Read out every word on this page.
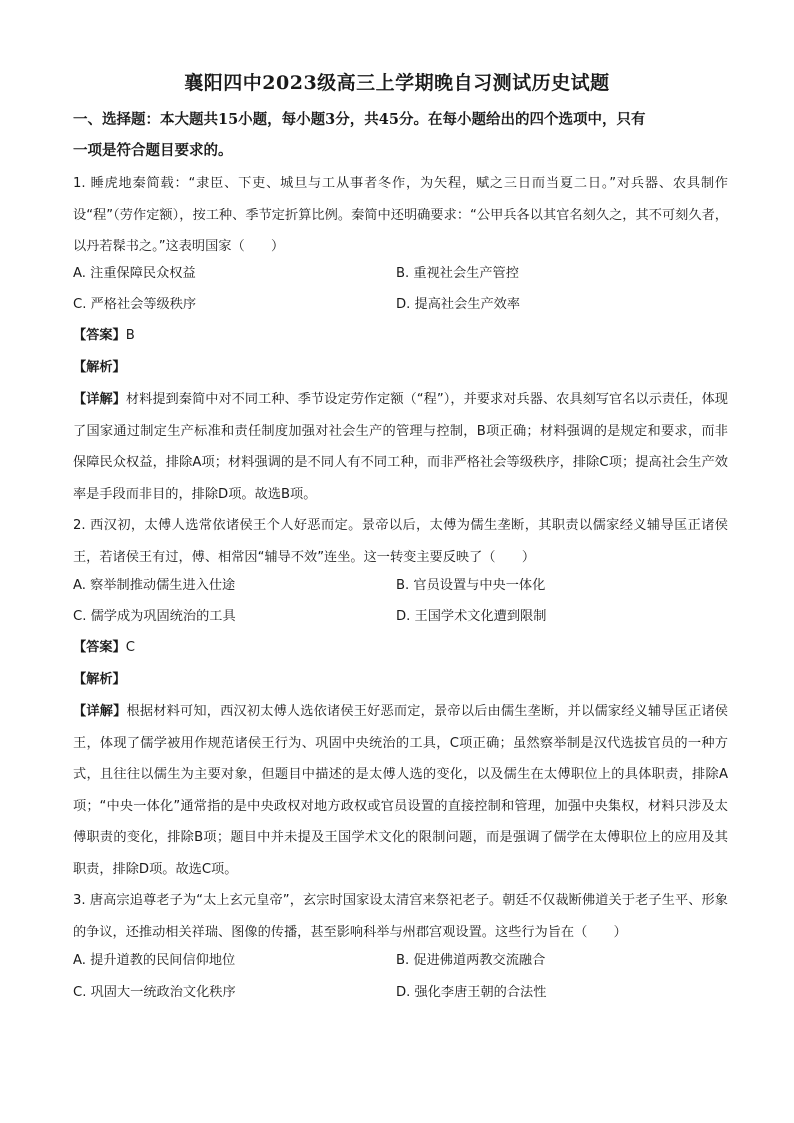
襄阳四中2023级高三上学期晚自习测试历史试题
一、选择题：本大题共15小题，每小题3分，共45分。在每小题给出的四个选项中，只有
一项是符合题目要求的。
1. 睡虎地秦简载：“隶臣、下吏、城旦与工从事者冬作，为矢程，赋之三日而当夏二日。”对兵器、农具制作设“程”（劳作定额），按工种、季节定折算比例。秦简中还明确要求：“公甲兵各以其官名刻久之，其不可刻久者，以丹若髹书之。”这表明国家（　　）
A. 注重保障民众权益	B. 重视社会生产管控
C. 严格社会等级秩序	D. 提高社会生产效率
【答案】B
【解析】
【详解】材料提到秦简中对不同工种、季节设定劳作定额（“程”），并要求对兵器、农具刻写官名以示责任，体现了国家通过制定生产标准和责任制度加强对社会生产的管理与控制，B项正确；材料强调的是规定和要求，而非保障民众权益，排除A项；材料强调的是不同人有不同工种，而非严格社会等级秩序，排除C项；提高社会生产效率是手段而非目的，排除D项。故选B项。
2. 西汉初，太傅人选常依诸侯王个人好恶而定。景帝以后，太傅为儒生垄断，其职责以儒家经义辅导匡正诸侯王，若诸侯王有过，傅、相常因“辅导不效”连坐。这一转变主要反映了（　　）
A. 察举制推动儒生进入仕途	B. 官员设置与中央一体化
C. 儒学成为巩固统治的工具	D. 王国学术文化遭到限制
【答案】C
【解析】
【详解】根据材料可知，西汉初太傅人选依诸侯王好恶而定，景帝以后由儒生垄断，并以儒家经义辅导匡正诸侯王，体现了儒学被用作规范诸侯王行为、巩固中央统治的工具，C项正确；虽然察举制是汉代选拔官员的一种方式，且往往以儒生为主要对象，但题目中描述的是太傅人选的变化，以及儒生在太傅职位上的具体职责，排除A项；“中央一体化”通常指的是中央政权对地方政权或官员设置的直接控制和管理，加强中央集权，材料只涉及太傅职责的变化，排除B项；题目中并未提及王国学术文化的限制问题，而是强调了儒学在太傅职位上的应用及其职责，排除D项。故选C项。
3. 唐高宗追尊老子为“太上玄元皇帝”，玄宗时国家设太清宫来祭祀老子。朝廷不仅裁断佛道关于老子生平、形象的争议，还推动相关祥瑞、图像的传播，甚至影响科举与州郡宫观设置。这些行为旨在（　　）
A. 提升道教的民间信仰地位	B. 促进佛道两教交流融合
C. 巩固大一统政治文化秩序	D. 强化李唐王朝的合法性
